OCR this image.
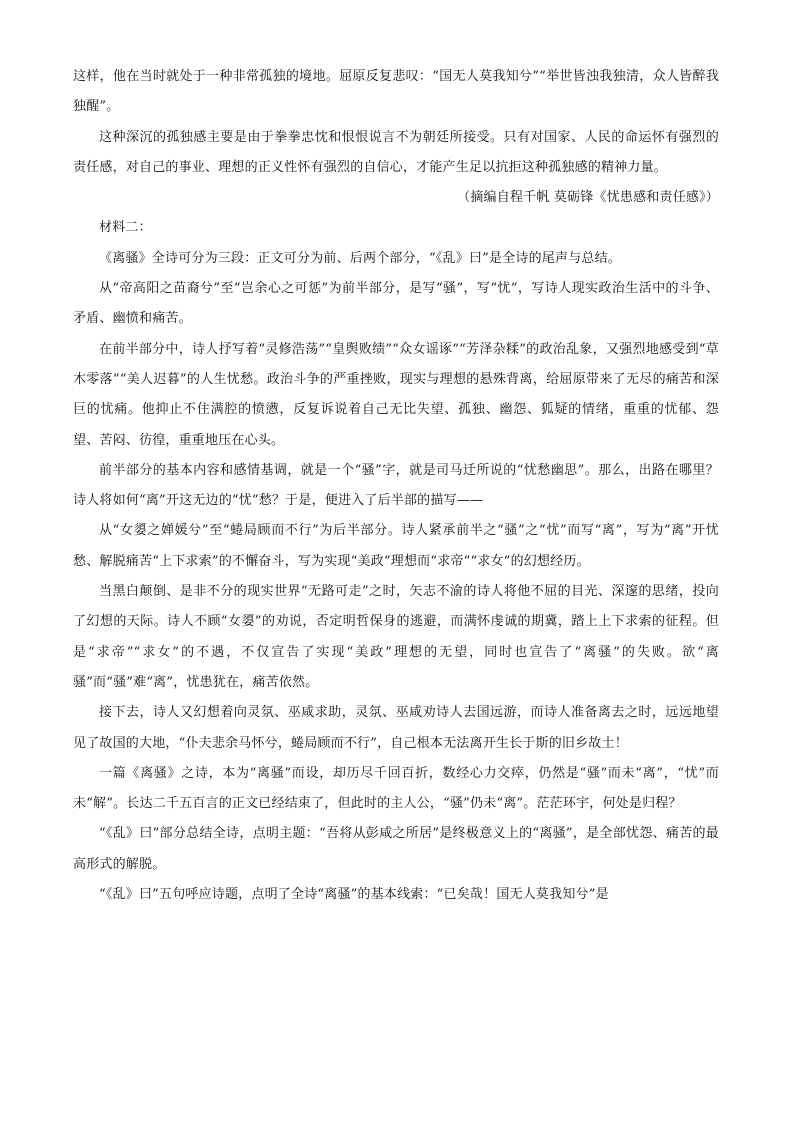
这样，他在当时就处于一种非常孤独的境地。屈原反复悲叹：“国无人莫我知兮”“举世皆浊我独清，众人皆醉我独醒”。

这种深沉的孤独感主要是由于拳拳忠忱和恨恨说言不为朝廷所接受。只有对国家、人民的命运怀有强烈的责任感，对自己的事业、理想的正义性怀有强烈的自信心，才能产生足以抗拒这种孤独感的精神力量。

（摘编自程千帆 莫砺锋《忧患感和责任感》）

材料二：

《离骚》全诗可分为三段：正文可分为前、后两个部分，“《乱》曰”是全诗的尾声与总结。

从“帝高阳之苗裔兮”至“岂余心之可惩”为前半部分，是写“骚”，写“忧”，写诗人现实政治生活中的斗争、矛盾、幽愤和痛苦。

在前半部分中，诗人抒写着“灵修浩荡”“皇舆败绩”“众女谣诼”“芳泽杂糅”的政治乱象，又强烈地感受到“草木零落”“美人迟暮”的人生忧愁。政治斗争的严重挫败，现实与理想的悬殊背离，给屈原带来了无尽的痛苦和深巨的忧痛。他抑止不住满腔的愤懑，反复诉说着自己无比失望、孤独、幽怨、狐疑的情绪，重重的忧郁、怨望、苦闷、彷徨，重重地压在心头。

前半部分的基本内容和感情基调，就是一个“骚”字，就是司马迁所说的“忧愁幽思”。那么，出路在哪里？诗人将如何“离”开这无边的“忧”愁？于是，便进入了后半部的描写——

从“女嬃之婵媛兮”至“蜷局顾而不行”为后半部分。诗人紧承前半之“骚”之“忧”而写“离”，写为“离”开忧愁、解脱痛苦“上下求索”的不懈奋斗，写为实现“美政”理想而“求帝”“求女”的幻想经历。

当黑白颠倒、是非不分的现实世界“无路可走”之时，矢志不渝的诗人将他不屈的目光、深邃的思绪，投向了幻想的天际。诗人不顾“女嬃”的劝说，否定明哲保身的逃避，而满怀虔诚的期冀，踏上上下求索的征程。但是“求帝”“求女”的不遇，不仅宣告了实现“美政”理想的无望，同时也宣告了“离骚”的失败。欲“离骚”而“骚”难“离”，忧患犹在，痛苦依然。

接下去，诗人又幻想着向灵氛、巫咸求助，灵氛、巫咸劝诗人去国远游，而诗人准备离去之时，远远地望见了故国的大地，“仆夫悲余马怀兮，蜷局顾而不行”，自己根本无法离开生长于斯的旧乡故土！

一篇《离骚》之诗，本为“离骚”而设，却历尽千回百折，数经心力交瘁，仍然是“骚”而未“离”，“忧”而未“解”。长达二千五百言的正文已经结束了，但此时的主人公，“骚”仍未“离”。茫茫环宇，何处是归程？

“《乱》曰”部分总结全诗，点明主题：“吾将从彭咸之所居”是终极意义上的“离骚”，是全部忧怨、痛苦的最高形式的解脱。

“《乱》曰”五句呼应诗题，点明了全诗“离骚”的基本线索：“已矣哉！国无人莫我知兮”是
